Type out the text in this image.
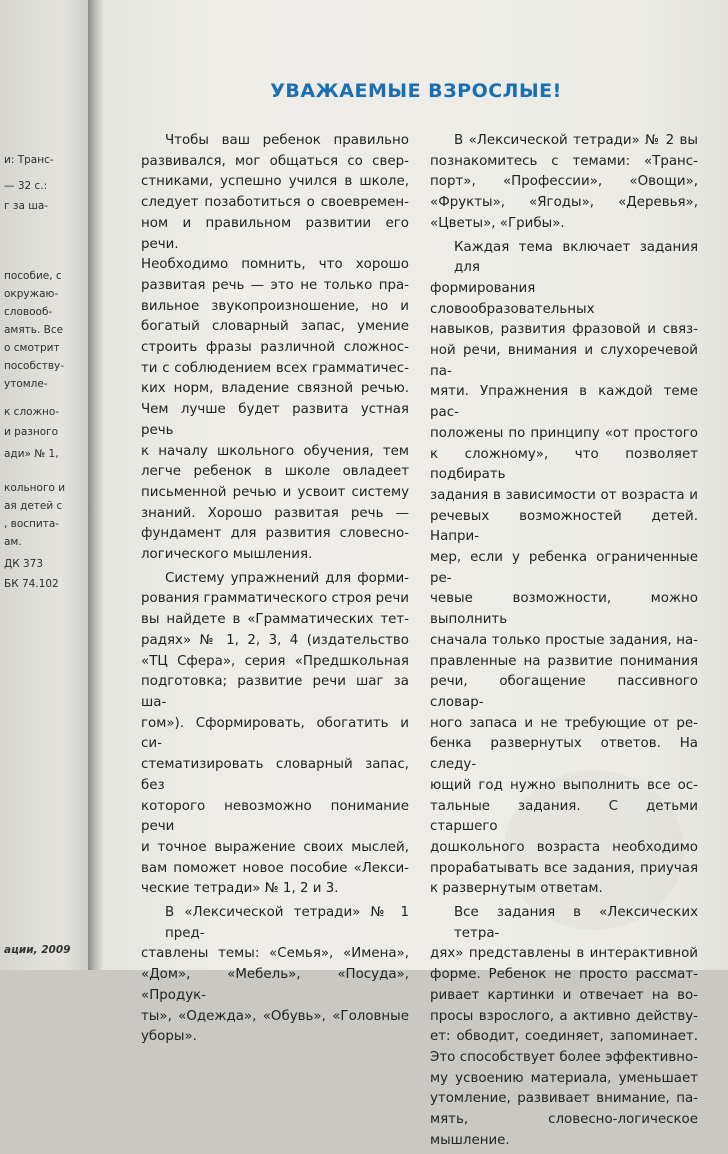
и: Транс-
— 32 с.:
г за ша-
пособие, с
окружаю-
словооб-
амять. Все
о смотрит
пособству-
утомле-
к сложно-
и разного
ади» № 1,
кольного и
ая детей с
, воспита-
ам.
ДК 373
БК 74.102
ации, 2009
УВАЖАЕМЫЕ ВЗРОСЛЫЕ!

Чтобы ваш ребенок правильно
развивался, мог общаться со свер-
стниками, успешно учился в школе,
следует позаботиться о своевремен-
ном и правильном развитии его речи.
Необходимо помнить, что хорошо
развитая речь — это не только пра-
вильное звукопроизношение, но и
богатый словарный запас, умение
строить фразы различной сложнос-
ти с соблюдением всех грамматичес-
ких норм, владение связной речью.
Чем лучше будет развита устная речь
к началу школьного обучения, тем
легче ребенок в школе овладеет
письменной речью и усвоит систему
знаний. Хорошо развитая речь —
фундамент для развития словесно-
логического мышления.

Систему упражнений для форми-
рования грамматического строя речи
вы найдете в «Грамматических тет-
радях» № 1, 2, 3, 4 (издательство
«ТЦ Сфера», серия «Предшкольная
подготовка; развитие речи шаг за ша-
гом»). Сформировать, обогатить и си-
стематизировать словарный запас, без
которого невозможно понимание речи
и точное выражение своих мыслей,
вам поможет новое пособие «Лекси-
ческие тетради» № 1, 2 и 3.

В «Лексической тетради» № 1 пред-
ставлены темы: «Семья», «Имена»,
«Дом», «Мебель», «Посуда», «Продук-
ты», «Одежда», «Обувь», «Головные
уборы».

В «Лексической тетради» № 2 вы
познакомитесь с темами: «Транс-
порт», «Профессии», «Овощи»,
«Фрукты», «Ягоды», «Деревья»,
«Цветы», «Грибы».

Каждая тема включает задания для
формирования словообразовательных
навыков, развития фразовой и связ-
ной речи, внимания и слухоречевой па-
мяти. Упражнения в каждой теме рас-
положены по принципу «от простого
к сложному», что позволяет подбирать
задания в зависимости от возраста и
речевых возможностей детей. Напри-
мер, если у ребенка ограниченные ре-
чевые возможности, можно выполнить
сначала только простые задания, на-
правленные на развитие понимания
речи, обогащение пассивного словар-
ного запаса и не требующие от ре-
бенка развернутых ответов. На следу-
ющий год нужно выполнить все ос-
тальные задания. С детьми старшего
дошкольного возраста необходимо
прорабатывать все задания, приучая
к развернутым ответам.

Все задания в «Лексических тетра-
дях» представлены в интерактивной
форме. Ребенок не просто рассмат-
ривает картинки и отвечает на во-
просы взрослого, а активно действу-
ет: обводит, соединяет, запоминает.
Это способствует более эффективно-
му усвоению материала, уменьшает
утомление, развивает внимание, па-
мять, словесно-логическое мышление.
